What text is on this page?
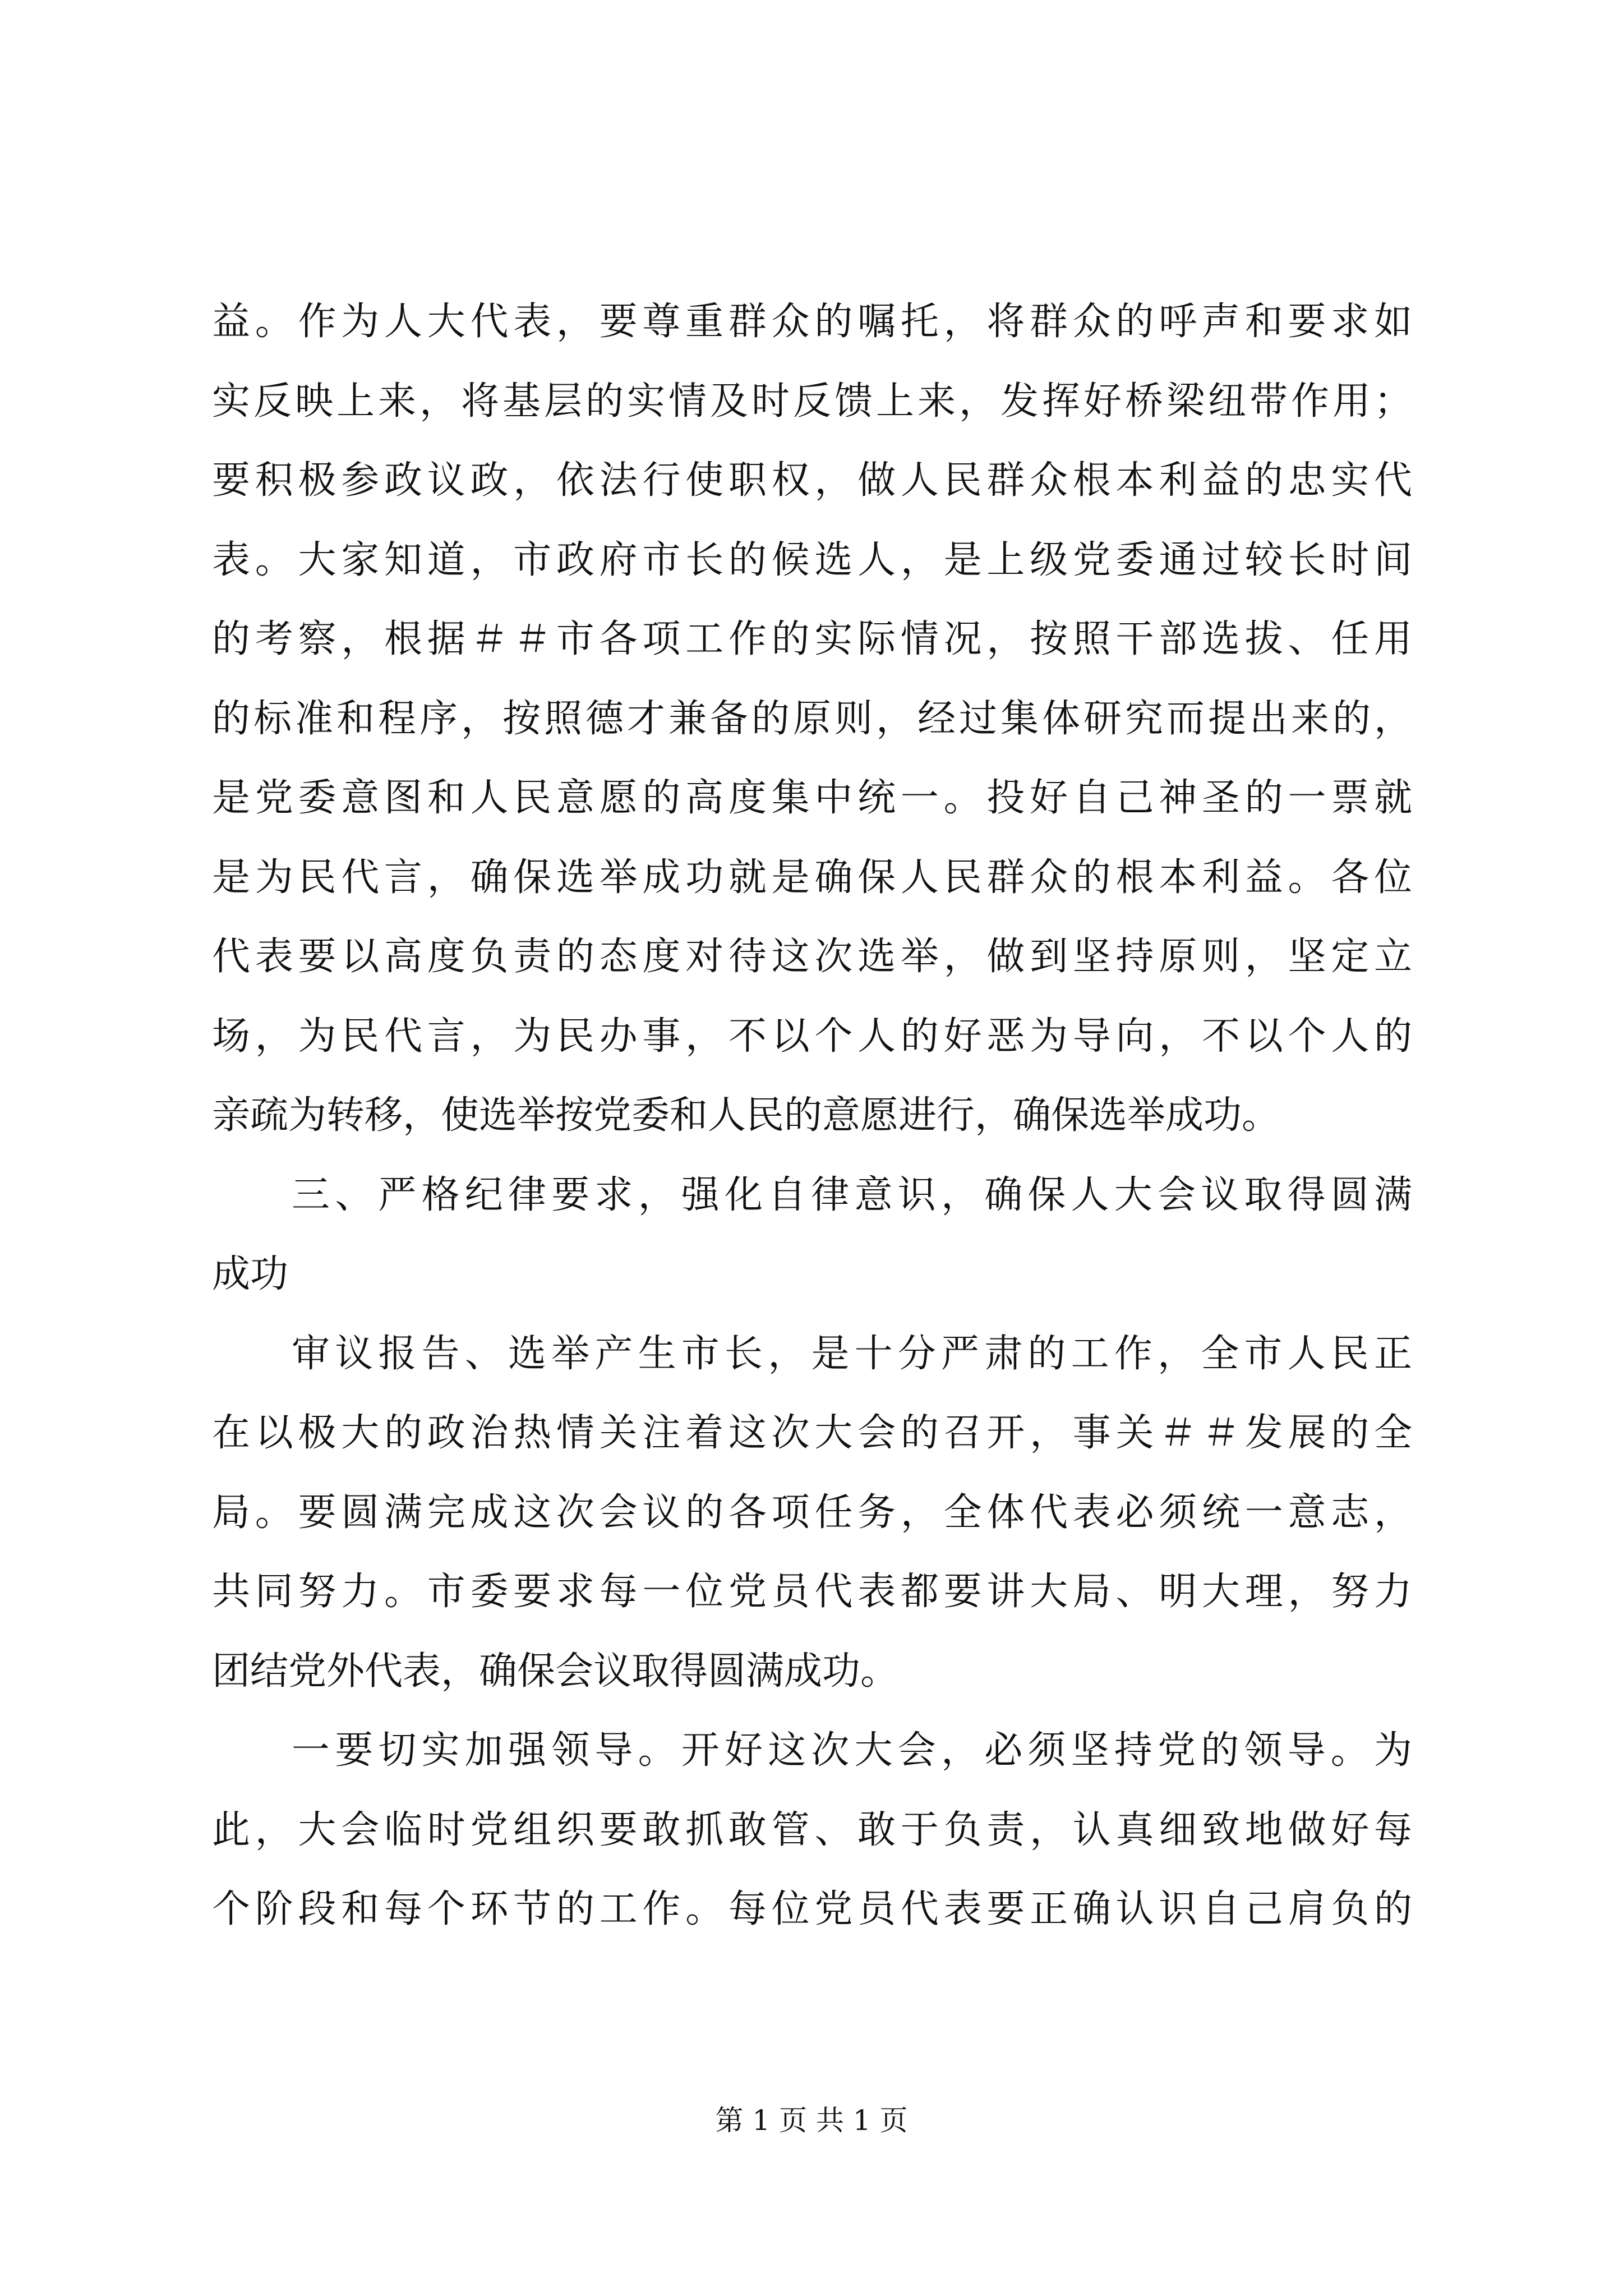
益。作为人大代表，要尊重群众的嘱托，将群众的呼声和要求如
实反映上来，将基层的实情及时反馈上来，发挥好桥梁纽带作用；
要积极参政议政，依法行使职权，做人民群众根本利益的忠实代
表。大家知道，市政府市长的候选人，是上级党委通过较长时间
的考察，根据＃＃市各项工作的实际情况，按照干部选拔、任用
的标准和程序，按照德才兼备的原则，经过集体研究而提出来的，
是党委意图和人民意愿的高度集中统一。投好自己神圣的一票就
是为民代言，确保选举成功就是确保人民群众的根本利益。各位
代表要以高度负责的态度对待这次选举，做到坚持原则，坚定立
场，为民代言，为民办事，不以个人的好恶为导向，不以个人的
亲疏为转移，使选举按党委和人民的意愿进行，确保选举成功。
三、严格纪律要求，强化自律意识，确保人大会议取得圆满
成功
审议报告、选举产生市长，是十分严肃的工作，全市人民正
在以极大的政治热情关注着这次大会的召开，事关＃＃发展的全
局。要圆满完成这次会议的各项任务，全体代表必须统一意志，
共同努力。市委要求每一位党员代表都要讲大局、明大理，努力
团结党外代表，确保会议取得圆满成功。
一要切实加强领导。开好这次大会，必须坚持党的领导。为
此，大会临时党组织要敢抓敢管、敢于负责，认真细致地做好每
个阶段和每个环节的工作。每位党员代表要正确认识自己肩负的
第 1 页 共 1 页
